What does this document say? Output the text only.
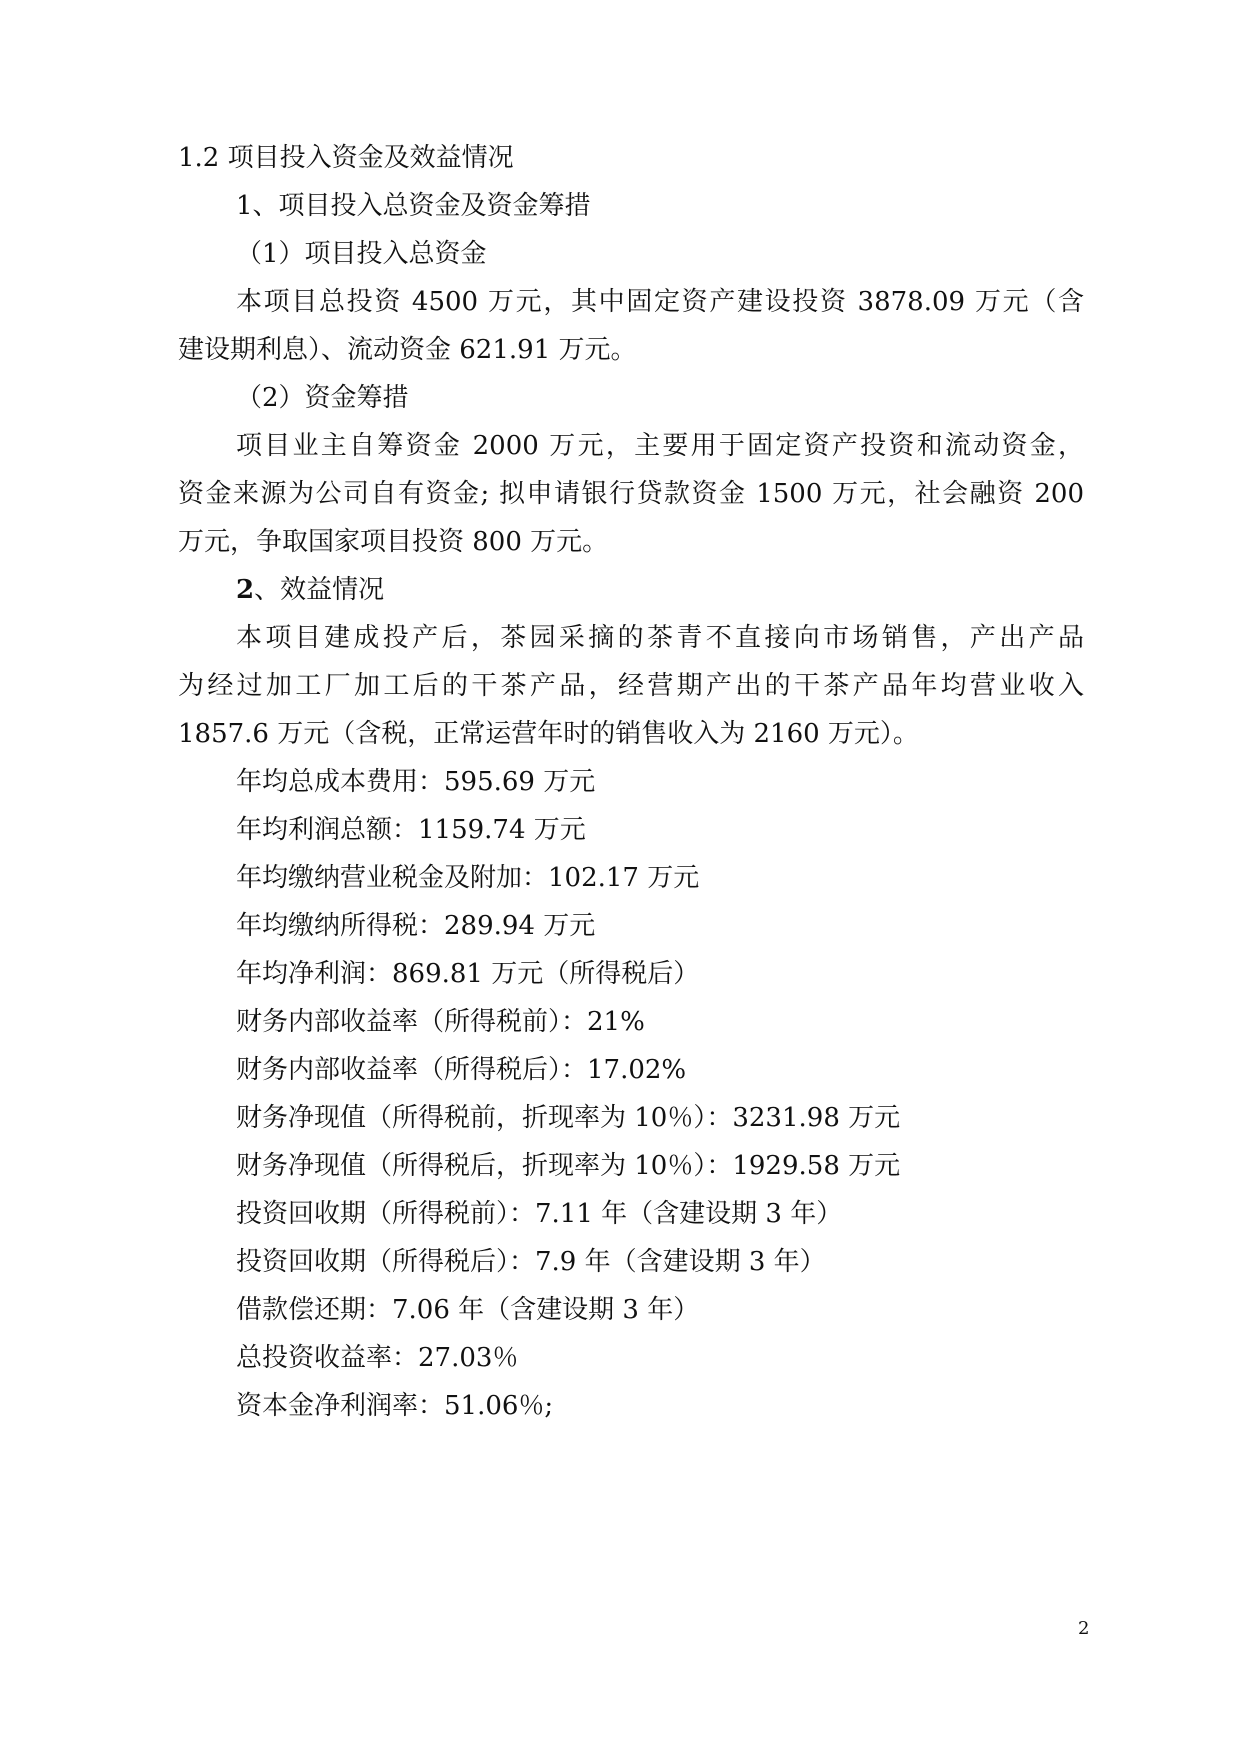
1.2 项目投入资金及效益情况
1、项目投入总资金及资金筹措
（1）项目投入总资金
本项目总投资 4500 万元，其中固定资产建设投资 3878.09 万元（含
建设期利息）、流动资金 621.91 万元。
（2）资金筹措
项目业主自筹资金 2000 万元，主要用于固定资产投资和流动资金，
资金来源为公司自有资金; 拟申请银行贷款资金 1500 万元，社会融资 200
万元，争取国家项目投资 800 万元。
2、效益情况
本项目建成投产后，茶园采摘的茶青不直接向市场销售，产出产品
为经过加工厂加工后的干茶产品，经营期产出的干茶产品年均营业收入
1857.6 万元（含税，正常运营年时的销售收入为 2160 万元）。
年均总成本费用：595.69 万元
年均利润总额：1159.74 万元
年均缴纳营业税金及附加：102.17 万元
年均缴纳所得税：289.94 万元
年均净利润：869.81 万元（所得税后）
财务内部收益率（所得税前）：21%
财务内部收益率（所得税后）：17.02%
财务净现值（所得税前，折现率为 10％）：3231.98 万元
财务净现值（所得税后，折现率为 10％）：1929.58 万元
投资回收期（所得税前）：7.11 年（含建设期 3 年）
投资回收期（所得税后）：7.9 年（含建设期 3 年）
借款偿还期：7.06 年（含建设期 3 年）
总投资收益率：27.03％
资本金净利润率：51.06％;
2
